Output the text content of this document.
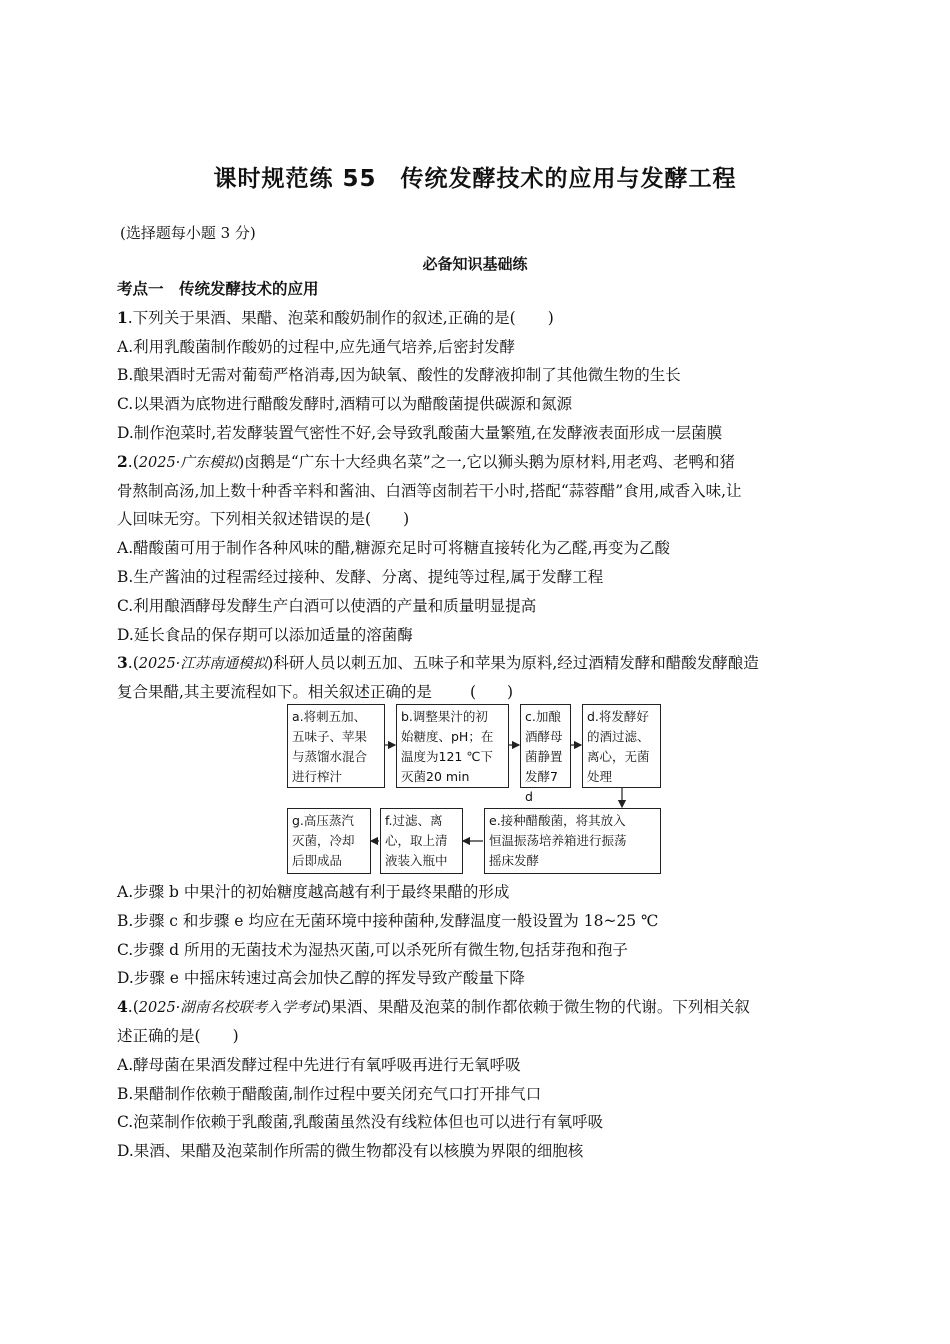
课时规范练 55　传统发酵技术的应用与发酵工程
(选择题每小题 3 分)
必备知识基础练
考点一　传统发酵技术的应用
1.下列关于果酒、果醋、泡菜和酸奶制作的叙述,正确的是( )
A.利用乳酸菌制作酸奶的过程中,应先通气培养,后密封发酵
B.酿果酒时无需对葡萄严格消毒,因为缺氧、酸性的发酵液抑制了其他微生物的生长
C.以果酒为底物进行醋酸发酵时,酒精可以为醋酸菌提供碳源和氮源
D.制作泡菜时,若发酵装置气密性不好,会导致乳酸菌大量繁殖,在发酵液表面形成一层菌膜
2.(2025·广东模拟)卤鹅是“广东十大经典名菜”之一,它以狮头鹅为原材料,用老鸡、老鸭和猪
骨熬制高汤,加上数十种香辛料和酱油、白酒等卤制若干小时,搭配“蒜蓉醋”食用,咸香入味,让
人回味无穷。下列相关叙述错误的是( )
A.醋酸菌可用于制作各种风味的醋,糖源充足时可将糖直接转化为乙醛,再变为乙酸
B.生产酱油的过程需经过接种、发酵、分离、提纯等过程,属于发酵工程
C.利用酿酒酵母发酵生产白酒可以使酒的产量和质量明显提高
D.延长食品的保存期可以添加适量的溶菌酶
3.(2025·江苏南通模拟)科研人员以刺五加、五味子和苹果为原料,经过酒精发酵和醋酸发酵酿造
复合果醋,其主要流程如下。相关叙述正确的是 (　　)
a.将刺五加、
五味子、苹果
与蒸馏水混合
进行榨汁
b.调整果汁的初
始糖度、pH；在
温度为121 ℃下
灭菌20 min
c.加酿
酒酵母
菌静置
发酵7 d
d.将发酵好
的酒过滤、
离心，无菌
处理
e.接种醋酸菌，将其放入
恒温振荡培养箱进行振荡
摇床发酵
f.过滤、离
心，取上清
液装入瓶中
g.高压蒸汽
灭菌，冷却
后即成品
A.步骤 b 中果汁的初始糖度越高越有利于最终果醋的形成
B.步骤 c 和步骤 e 均应在无菌环境中接种菌种,发酵温度一般设置为 18~25 ℃
C.步骤 d 所用的无菌技术为湿热灭菌,可以杀死所有微生物,包括芽孢和孢子
D.步骤 e 中摇床转速过高会加快乙醇的挥发导致产酸量下降
4.(2025·湖南名校联考入学考试)果酒、果醋及泡菜的制作都依赖于微生物的代谢。下列相关叙
述正确的是( )
A.酵母菌在果酒发酵过程中先进行有氧呼吸再进行无氧呼吸
B.果醋制作依赖于醋酸菌,制作过程中要关闭充气口打开排气口
C.泡菜制作依赖于乳酸菌,乳酸菌虽然没有线粒体但也可以进行有氧呼吸
D.果酒、果醋及泡菜制作所需的微生物都没有以核膜为界限的细胞核
